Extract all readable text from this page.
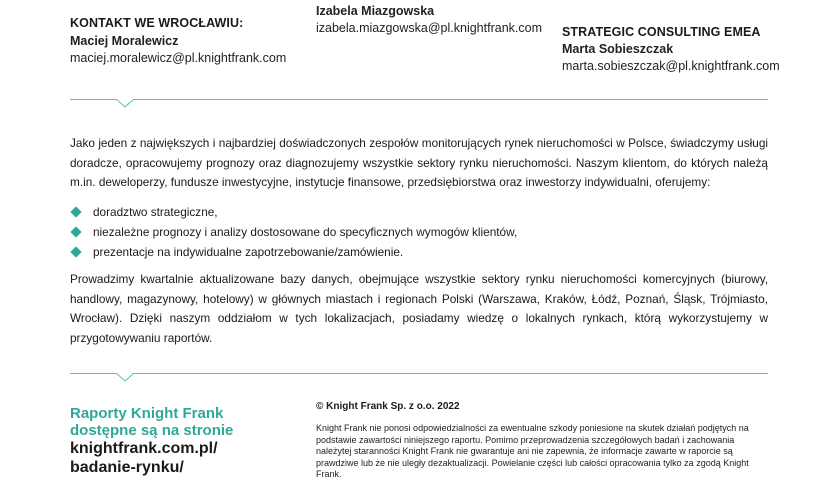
KONTAKT WE WROCŁAWIU:
Maciej Moralewicz
maciej.moralewicz@pl.knightfrank.com
Izabela Miazgowska
izabela.miazgowska@pl.knightfrank.com STRATEGIC CONSULTING EMEA
Marta Sobieszczak
marta.sobieszczak@pl.knightfrank.com

Jako jeden z największych i najbardziej doświadczonych zespołów monitorujących rynek nieruchomości w Polsce, świadczymy usługi doradcze, opracowujemy prognozy oraz diagnozujemy wszystkie sektory rynku nieruchomości. Naszym klientom, do których należą m.in. deweloperzy, fundusze inwestycyjne, instytucje finansowe, przedsiębiorstwa oraz inwestorzy indywidualni, oferujemy:

doradztwo strategiczne,
niezależne prognozy i analizy dostosowane do specyficznych wymogów klientów,
prezentacje na indywidualne zapotrzebowanie/zamówienie.

Prowadzimy kwartalnie aktualizowane bazy danych, obejmujące wszystkie sektory rynku nieruchomości komercyjnych (biurowy, handlowy, magazynowy, hotelowy) w głównych miastach i regionach Polski (Warszawa, Kraków, Łódź, Poznań, Śląsk, Trójmiasto, Wrocław). Dzięki naszym oddziałom w tych lokalizacjach, posiadamy wiedzę o lokalnych rynkach, którą wykorzystujemy w przygotowywaniu raportów.

Raporty Knight Frank
dostępne są na stronie
knightfrank.com.pl/
badanie-rynku/
© Knight Frank Sp. z o.o. 2022
Knight Frank nie ponosi odpowiedzialności za ewentualne szkody poniesione na skutek działań podjętych na podstawie zawartości niniejszego raportu. Pomimo przeprowadzenia szczegółowych badań i zachowania należytej staranności Knight Frank nie gwarantuje ani nie zapewnia, że informacje zawarte w raporcie są prawdziwe lub że nie uległy dezaktualizacji. Powielanie części lub całości opracowania tylko za zgodą Knight Frank.
